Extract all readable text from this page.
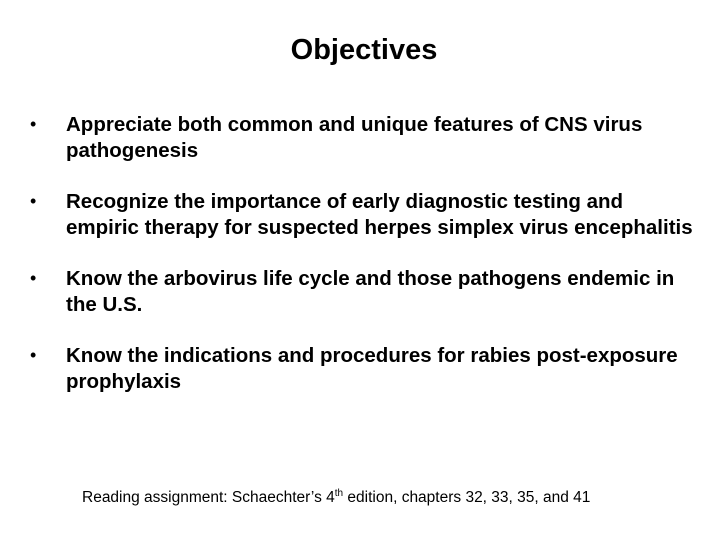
Objectives
• Appreciate both common and unique features of CNS virus pathogenesis
• Recognize the importance of early diagnostic testing and empiric therapy for suspected herpes simplex virus encephalitis
• Know the arbovirus life cycle and those pathogens endemic in the U.S.
• Know the indications and procedures for rabies post-exposure prophylaxis
Reading assignment: Schaechter’s 4th edition, chapters 32, 33, 35, and 41
